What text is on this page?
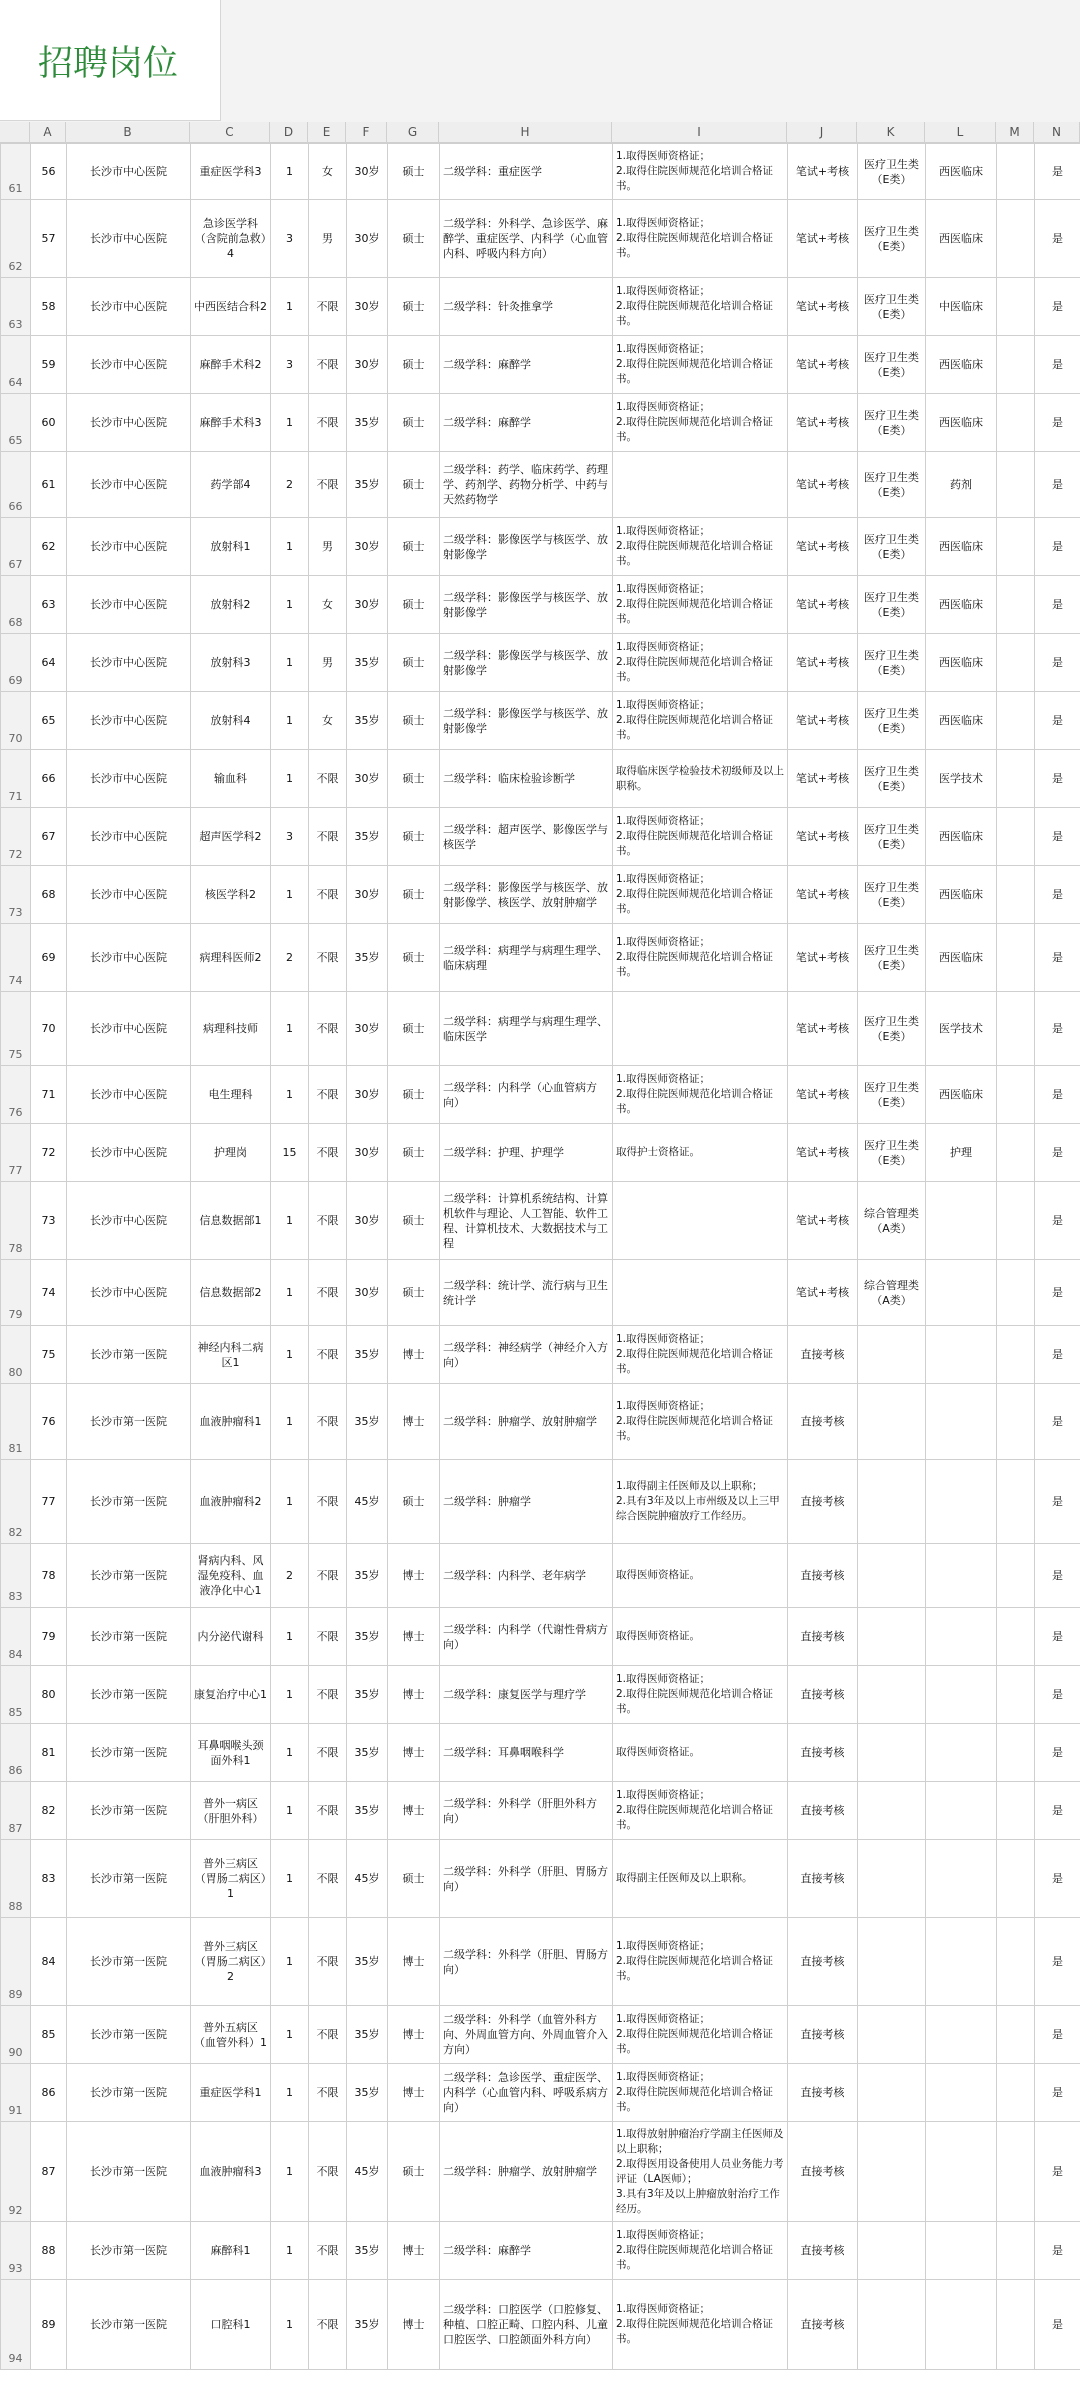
招聘岗位
A	B	C	D	E	F	G	H	I	J	K	L	M	N
61	56	长沙市中心医院	重症医学科3	1	女	30岁	硕士	二级学科：重症医学	1.取得医师资格证；
2.取得住院医师规范化培训合格证书。	笔试+考核	医疗卫生类（E类）	西医临床		是
62	57	长沙市中心医院	急诊医学科（含院前急救）4	3	男	30岁	硕士	二级学科：外科学、急诊医学、麻醉学、重症医学、内科学（心血管内科、呼吸内科方向）	1.取得医师资格证；
2.取得住院医师规范化培训合格证书。	笔试+考核	医疗卫生类（E类）	西医临床		是
63	58	长沙市中心医院	中西医结合科2	1	不限	30岁	硕士	二级学科：针灸推拿学	1.取得医师资格证；
2.取得住院医师规范化培训合格证书。	笔试+考核	医疗卫生类（E类）	中医临床		是
64	59	长沙市中心医院	麻醉手术科2	3	不限	30岁	硕士	二级学科：麻醉学	1.取得医师资格证；
2.取得住院医师规范化培训合格证书。	笔试+考核	医疗卫生类（E类）	西医临床		是
65	60	长沙市中心医院	麻醉手术科3	1	不限	35岁	硕士	二级学科：麻醉学	1.取得医师资格证；
2.取得住院医师规范化培训合格证书。	笔试+考核	医疗卫生类（E类）	西医临床		是
66	61	长沙市中心医院	药学部4	2	不限	35岁	硕士	二级学科：药学、临床药学、药理学、药剂学、药物分析学、中药与天然药物学		笔试+考核	医疗卫生类（E类）	药剂		是
67	62	长沙市中心医院	放射科1	1	男	30岁	硕士	二级学科：影像医学与核医学、放射影像学	1.取得医师资格证；
2.取得住院医师规范化培训合格证书。	笔试+考核	医疗卫生类（E类）	西医临床		是
68	63	长沙市中心医院	放射科2	1	女	30岁	硕士	二级学科：影像医学与核医学、放射影像学	1.取得医师资格证；
2.取得住院医师规范化培训合格证书。	笔试+考核	医疗卫生类（E类）	西医临床		是
69	64	长沙市中心医院	放射科3	1	男	35岁	硕士	二级学科：影像医学与核医学、放射影像学	1.取得医师资格证；
2.取得住院医师规范化培训合格证书。	笔试+考核	医疗卫生类（E类）	西医临床		是
70	65	长沙市中心医院	放射科4	1	女	35岁	硕士	二级学科：影像医学与核医学、放射影像学	1.取得医师资格证；
2.取得住院医师规范化培训合格证书。	笔试+考核	医疗卫生类（E类）	西医临床		是
71	66	长沙市中心医院	输血科	1	不限	30岁	硕士	二级学科：临床检验诊断学	取得临床医学检验技术初级师及以上职称。	笔试+考核	医疗卫生类（E类）	医学技术		是
72	67	长沙市中心医院	超声医学科2	3	不限	35岁	硕士	二级学科：超声医学、影像医学与核医学	1.取得医师资格证；
2.取得住院医师规范化培训合格证书。	笔试+考核	医疗卫生类（E类）	西医临床		是
73	68	长沙市中心医院	核医学科2	1	不限	30岁	硕士	二级学科：影像医学与核医学、放射影像学、核医学、放射肿瘤学	1.取得医师资格证；
2.取得住院医师规范化培训合格证书。	笔试+考核	医疗卫生类（E类）	西医临床		是
74	69	长沙市中心医院	病理科医师2	2	不限	35岁	硕士	二级学科：病理学与病理生理学、临床病理	1.取得医师资格证；
2.取得住院医师规范化培训合格证书。	笔试+考核	医疗卫生类（E类）	西医临床		是
75	70	长沙市中心医院	病理科技师	1	不限	30岁	硕士	二级学科：病理学与病理生理学、临床医学		笔试+考核	医疗卫生类（E类）	医学技术		是
76	71	长沙市中心医院	电生理科	1	不限	30岁	硕士	二级学科：内科学（心血管病方向）	1.取得医师资格证；
2.取得住院医师规范化培训合格证书。	笔试+考核	医疗卫生类（E类）	西医临床		是
77	72	长沙市中心医院	护理岗	15	不限	30岁	硕士	二级学科：护理、护理学	取得护士资格证。	笔试+考核	医疗卫生类（E类）	护理		是
78	73	长沙市中心医院	信息数据部1	1	不限	30岁	硕士	二级学科：计算机系统结构、计算机软件与理论、人工智能、软件工程、计算机技术、大数据技术与工程		笔试+考核	综合管理类（A类）			是
79	74	长沙市中心医院	信息数据部2	1	不限	30岁	硕士	二级学科：统计学、流行病与卫生统计学		笔试+考核	综合管理类（A类）			是
80	75	长沙市第一医院	神经内科二病区1	1	不限	35岁	博士	二级学科：神经病学（神经介入方向）	1.取得医师资格证；
2.取得住院医师规范化培训合格证书。	直接考核				是
81	76	长沙市第一医院	血液肿瘤科1	1	不限	35岁	博士	二级学科：肿瘤学、放射肿瘤学	1.取得医师资格证；
2.取得住院医师规范化培训合格证书。	直接考核				是
82	77	长沙市第一医院	血液肿瘤科2	1	不限	45岁	硕士	二级学科：肿瘤学	1.取得副主任医师及以上职称；
2.具有3年及以上市州级及以上三甲综合医院肿瘤放疗工作经历。	直接考核				是
83	78	长沙市第一医院	肾病内科、风湿免疫科、血液净化中心1	2	不限	35岁	博士	二级学科：内科学、老年病学	取得医师资格证。	直接考核				是
84	79	长沙市第一医院	内分泌代谢科	1	不限	35岁	博士	二级学科：内科学（代谢性骨病方向）	取得医师资格证。	直接考核				是
85	80	长沙市第一医院	康复治疗中心1	1	不限	35岁	博士	二级学科：康复医学与理疗学	1.取得医师资格证；
2.取得住院医师规范化培训合格证书。	直接考核				是
86	81	长沙市第一医院	耳鼻咽喉头颈面外科1	1	不限	35岁	博士	二级学科：耳鼻咽喉科学	取得医师资格证。	直接考核				是
87	82	长沙市第一医院	普外一病区（肝胆外科）	1	不限	35岁	博士	二级学科：外科学（肝胆外科方向）	1.取得医师资格证；
2.取得住院医师规范化培训合格证书。	直接考核				是
88	83	长沙市第一医院	普外三病区（胃肠二病区）1	1	不限	45岁	硕士	二级学科：外科学（肝胆、胃肠方向）	取得副主任医师及以上职称。	直接考核				是
89	84	长沙市第一医院	普外三病区（胃肠二病区）2	1	不限	35岁	博士	二级学科：外科学（肝胆、胃肠方向）	1.取得医师资格证；
2.取得住院医师规范化培训合格证书。	直接考核				是
90	85	长沙市第一医院	普外五病区（血管外科）1	1	不限	35岁	博士	二级学科：外科学（血管外科方向、外周血管方向、外周血管介入方向）	1.取得医师资格证；
2.取得住院医师规范化培训合格证书。	直接考核				是
91	86	长沙市第一医院	重症医学科1	1	不限	35岁	博士	二级学科：急诊医学、重症医学、内科学（心血管内科、呼吸系病方向）	1.取得医师资格证；
2.取得住院医师规范化培训合格证书。	直接考核				是
92	87	长沙市第一医院	血液肿瘤科3	1	不限	45岁	硕士	二级学科：肿瘤学、放射肿瘤学	1.取得放射肿瘤治疗学副主任医师及以上职称；
2.取得医用设备使用人员业务能力考评证（LA医师）；
3.具有3年及以上肿瘤放射治疗工作经历。	直接考核				是
93	88	长沙市第一医院	麻醉科1	1	不限	35岁	博士	二级学科：麻醉学	1.取得医师资格证；
2.取得住院医师规范化培训合格证书。	直接考核				是
94	89	长沙市第一医院	口腔科1	1	不限	35岁	博士	二级学科：口腔医学（口腔修复、种植、口腔正畸、口腔内科、儿童口腔医学、口腔颌面外科方向）	1.取得医师资格证；
2.取得住院医师规范化培训合格证书。	直接考核				是
